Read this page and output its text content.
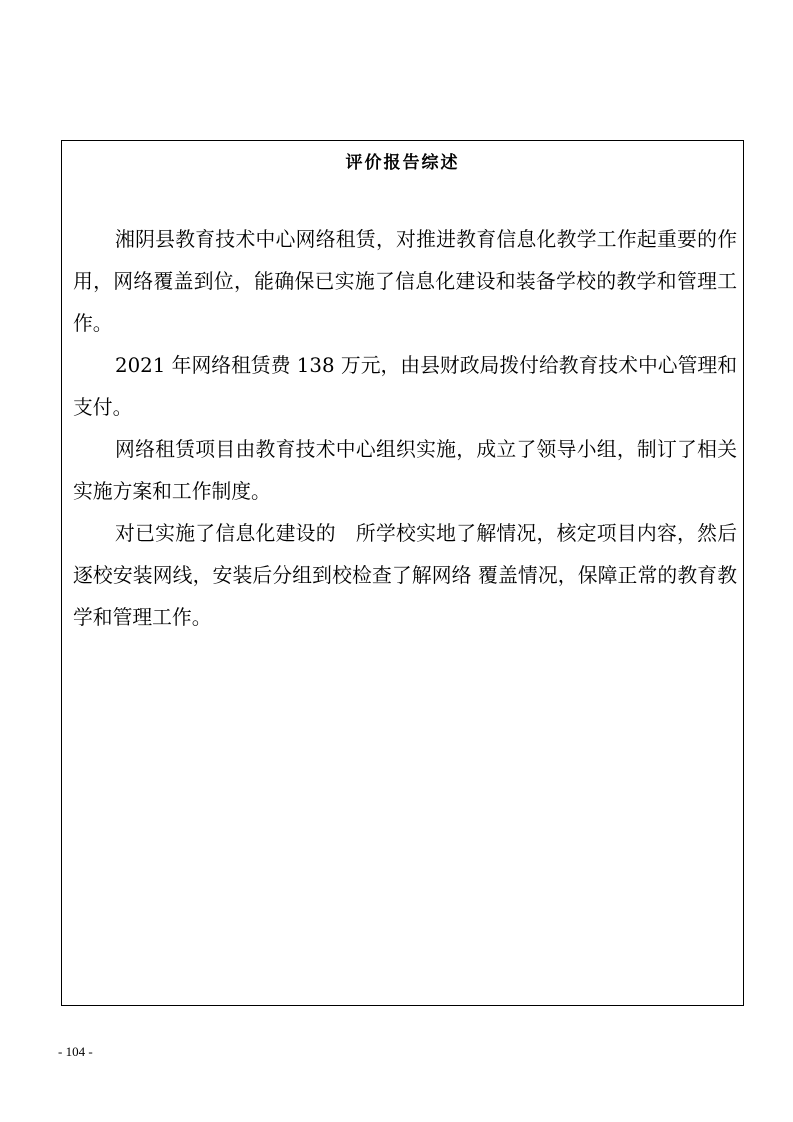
评价报告综述

湘阴县教育技术中心网络租赁，对推进教育信息化教学工作起重要的作用，网络覆盖到位，能确保已实施了信息化建设和装备学校的教学和管理工作。

2021 年网络租赁费 138 万元，由县财政局拨付给教育技术中心管理和支付。

网络租赁项目由教育技术中心组织实施，成立了领导小组，制订了相关实施方案和工作制度。

对已实施了信息化建设的　所学校实地了解情况，核定项目内容，然后逐校安装网线，安装后分组到校检查了解网络 覆盖情况，保障正常的教育教学和管理工作。

- 104 -
